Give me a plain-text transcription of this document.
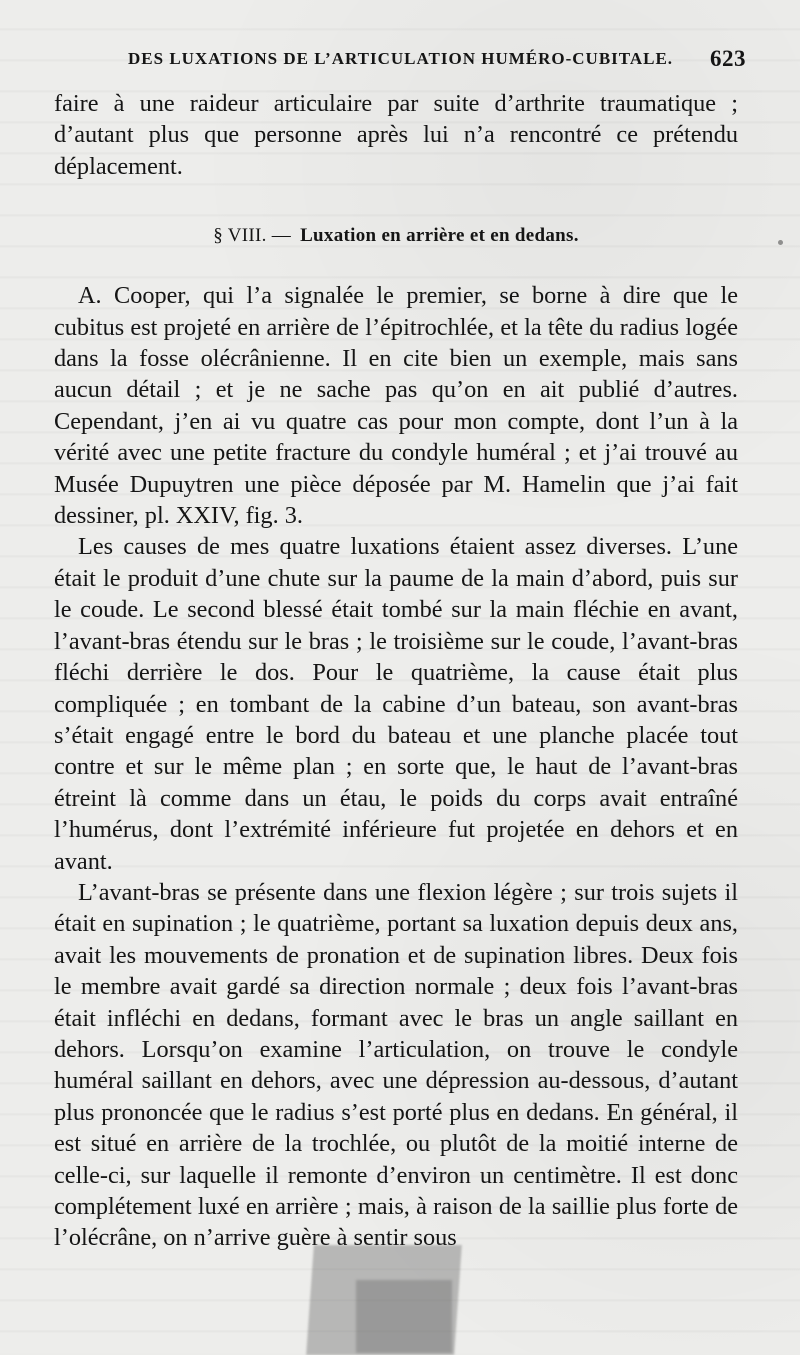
DES LUXATIONS DE L’ARTICULATION HUMÉRO-CUBITALE. 623

faire à une raideur articulaire par suite d’arthrite traumatique ; d’autant plus que personne après lui n’a rencontré ce prétendu déplacement.

§ VIII. — Luxation en arrière et en dedans.

A. Cooper, qui l’a signalée le premier, se borne à dire que le cubitus est projeté en arrière de l’épitrochlée, et la tête du radius logée dans la fosse olécrânienne. Il en cite bien un exemple, mais sans aucun détail ; et je ne sache pas qu’on en ait publié d’autres. Cependant, j’en ai vu quatre cas pour mon compte, dont l’un à la vérité avec une petite fracture du condyle huméral ; et j’ai trouvé au Musée Dupuytren une pièce déposée par M. Hamelin que j’ai fait dessiner, pl. XXIV, fig. 3.

Les causes de mes quatre luxations étaient assez diverses. L’une était le produit d’une chute sur la paume de la main d’abord, puis sur le coude. Le second blessé était tombé sur la main fléchie en avant, l’avant-bras étendu sur le bras ; le troisième sur le coude, l’avant-bras fléchi derrière le dos. Pour le quatrième, la cause était plus compliquée ; en tombant de la cabine d’un bateau, son avant-bras s’était engagé entre le bord du bateau et une planche placée tout contre et sur le même plan ; en sorte que, le haut de l’avant-bras étreint là comme dans un étau, le poids du corps avait entraîné l’humérus, dont l’extrémité inférieure fut projetée en dehors et en avant.

L’avant-bras se présente dans une flexion légère ; sur trois sujets il était en supination ; le quatrième, portant sa luxation depuis deux ans, avait les mouvements de pronation et de supination libres. Deux fois le membre avait gardé sa direction normale ; deux fois l’avant-bras était infléchi en dedans, formant avec le bras un angle saillant en dehors. Lorsqu’on examine l’articulation, on trouve le condyle huméral saillant en dehors, avec une dépression au-dessous, d’autant plus prononcée que le radius s’est porté plus en dedans. En général, il est situé en arrière de la trochlée, ou plutôt de la moitié interne de celle-ci, sur laquelle il remonte d’environ un centimètre. Il est donc complétement luxé en arrière ; mais, à raison de la saillie plus forte de l’olécrâne, on n’arrive guère à sentir sous
